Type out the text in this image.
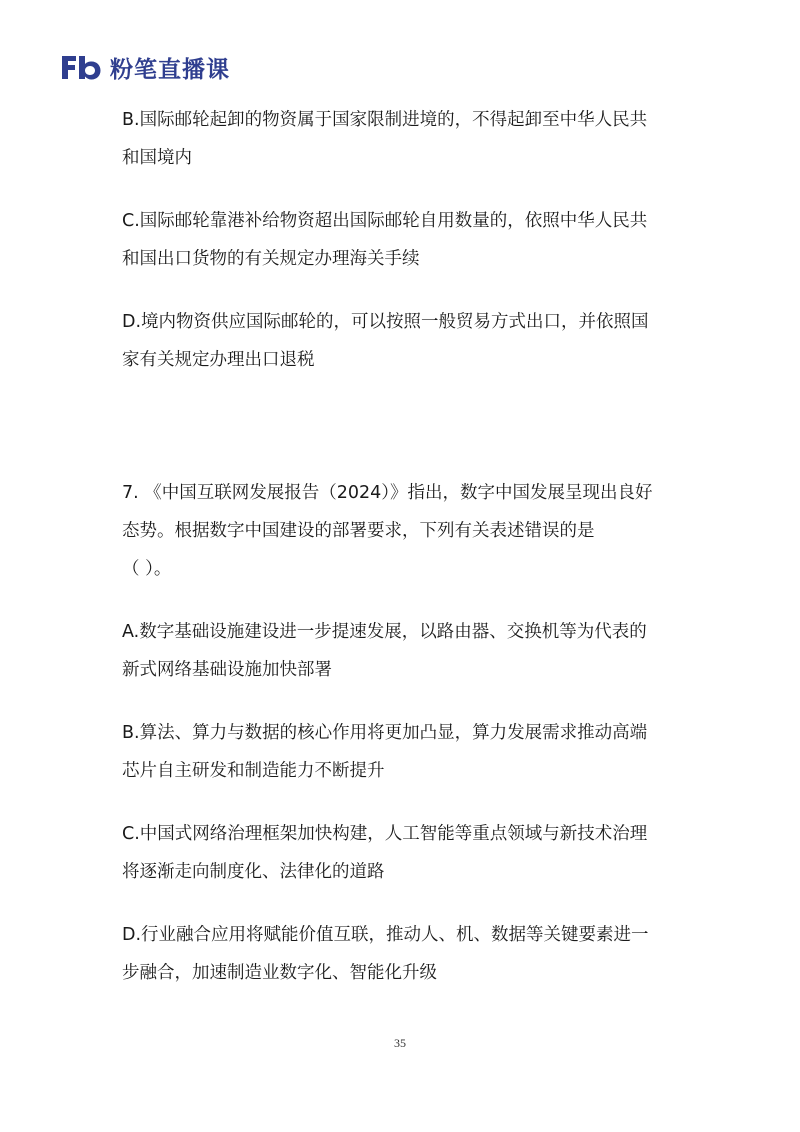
粉笔直播课

B.国际邮轮起卸的物资属于国家限制进境的，不得起卸至中华人民共

和国境内

C.国际邮轮靠港补给物资超出国际邮轮自用数量的，依照中华人民共

和国出口货物的有关规定办理海关手续

D.境内物资供应国际邮轮的，可以按照一般贸易方式出口，并依照国

家有关规定办理出口退税

7. 《中国互联网发展报告（2024）》指出，数字中国发展呈现出良好

态势。根据数字中国建设的部署要求，下列有关表述错误的是

（ ）。

A.数字基础设施建设进一步提速发展，以路由器、交换机等为代表的

新式网络基础设施加快部署

B.算法、算力与数据的核心作用将更加凸显，算力发展需求推动高端

芯片自主研发和制造能力不断提升

C.中国式网络治理框架加快构建，人工智能等重点领域与新技术治理

将逐渐走向制度化、法律化的道路

D.行业融合应用将赋能价值互联，推动人、机、数据等关键要素进一

步融合，加速制造业数字化、智能化升级

35
